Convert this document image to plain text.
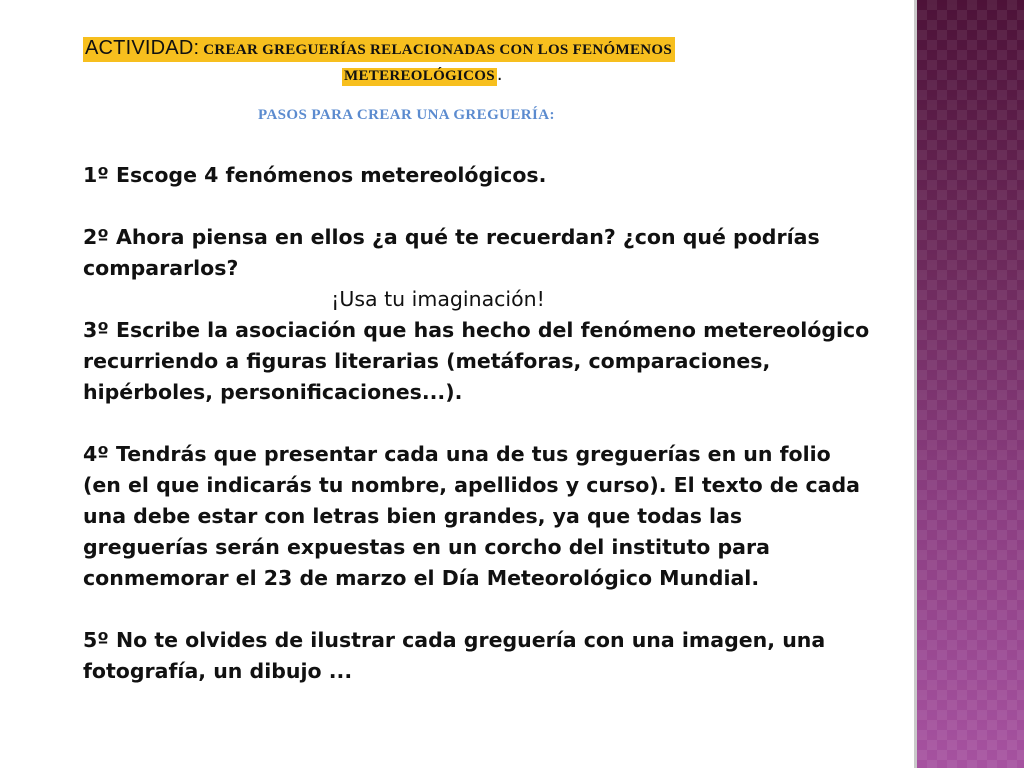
ACTIVIDAD: CREAR GREGUERÍAS RELACIONADAS CON LOS FENÓMENOS
METEREOLÓGICOS .
PASOS PARA CREAR UNA GREGUERÍA:

1º Escoge 4 fenómenos metereológicos.

2º Ahora piensa en ellos ¿a qué te recuerdan? ¿con qué podrías compararlos?

¡Usa tu imaginación!

3º Escribe la asociación que has hecho del fenómeno metereológico recurriendo a figuras literarias (metáforas, comparaciones, hipérboles, personificaciones...).

4º Tendrás que presentar cada una de tus greguerías en un folio (en el que indicarás tu nombre, apellidos y curso). El texto de cada una debe estar con letras bien grandes, ya que todas las greguerías serán expuestas en un corcho del instituto para conmemorar el 23 de marzo el Día Meteorológico Mundial.

5º No te olvides de ilustrar cada greguería con una imagen, una fotografía, un dibujo ...
